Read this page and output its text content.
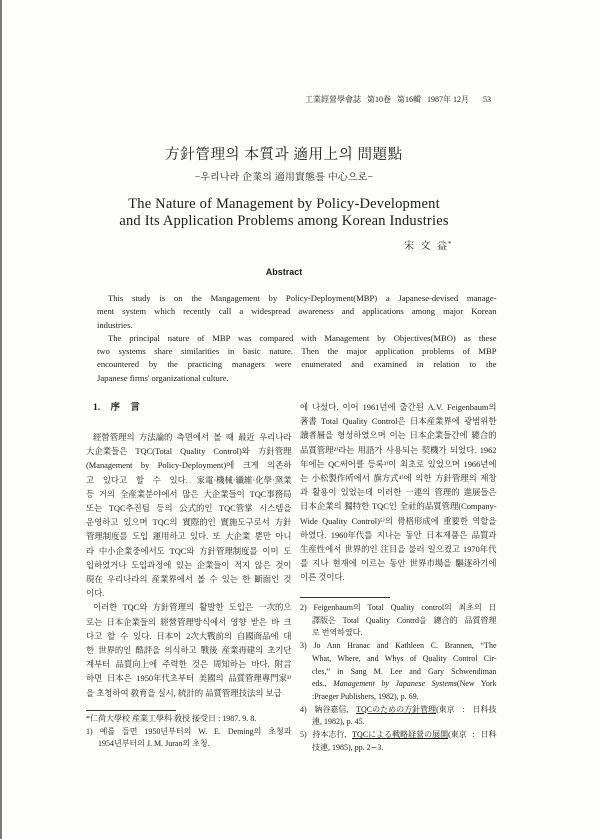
工業經營學會誌 第10卷 第16輯 1987年 12月 53
方針管理의 本質과 適用上의 問題點
−우리나라 企業의 適用實態를 中心으로−
The Nature of Management by Policy-Development
and Its Application Problems among Korean Industries
宋 文 益*
Abstract
This study is on the Mangagement by Policy-Deployment(MBP) a Japanese-devised manage-
ment system which recently call a widespread awareness and applications among major Korean
industries.
The principal nature of MBP was compared with Management by Objectives(MBO) as these
two systems share similarities in basic nature. Then the major application problems of MBP
encountered by the practicing managers were enumerated and examined in relation to the
Japanese firms' organizational culture.
1. 序 言
經營管理의 方法論的 측면에서 볼 때 最近 우리나라
大企業들은 TQC(Total Quality Control)와 方針管理
(Management by Policy-Deployment)에 크게 의존하
고 있다고 할 수 있다. 家電·機械·纖維·化學·窯業
등 거의 全産業분야에서 많은 大企業들이 TQC事務局
또는 TQC추진팀 등의 公式的인 TQC管掌 시스템을
운영하고 있으며 TQC의 實際的인 實施도구로서 方針
管理制度를 도입 運用하고 있다. 또 大企業 뿐만 아니
라 中小企業중에서도 TQC와 方針管理制度를 이미 도
입하였거나 도입과정에 있는 企業들이 적지 않은 것이
現在 우리나라의 産業界에서 볼 수 있는 한 斷面인 것
이다.
이러한 TQC와 方針管理의 활발한 도입은 一次的으
로는 日本企業들의 經營管理방식에서 영향 받은 바 크
다고 할 수 있다. 日本이 2次大戰前의 自國商品에 대
한 世界的인 酷評을 의식하고 戰後 産業再建의 초기단
계부터 品質向上에 주력한 것은 周知하는 바다. 附言
하면 日本은 1950年代초부터 美國의 品質管理專門家¹⁾
을 초청하여 敎育을 실시, 統計的 品質管理技法의 보급
*仁荷大學校 産業工學科 敎授 接受日 : 1987. 9. 8.
1) 예를 들면 1950년부터의 W. E. Deming의 초청과
1954년부터의 J. M. Juran의 초청.
에 나섰다. 이어 1961년에 출간된 A.V. Feigenbaum의
著書 Total Quality Control은 日本産業界에 광범위한
讀者層을 형성하였으며 이는 日本企業들간에 總合的
品質管理²⁾라는 用語가 사용되는 契機가 되었다. 1962
年에는 QC써어클 등록³⁾이 최초로 있었으며 1966년에
는 小松製作所에서 旗方式⁴⁾에 의한 方針管理의 제창
과 활용이 있었는데 이러한 一連의 管理的 進展들은
日本企業의 獨特한 TQC인 全社的品質管理(Company-
Wide Quality Control)⁵⁾의 骨格形成에 重要한 역할을
하였다. 1960年代를 지나는 동안 日本제품은 品質과
生産性에서 世界的인 注目을 불러 일으켰고 1970年代
를 지나 현재에 이르는 동안 世界市場을 驅逐하기에
이른 것이다.
2) Feigenbaum의 Total Quality control의 최초의 日
譯版은 Total Quality Contrd을 總合的 品質管理
로 번역하였다.
3) Jo Ann Hranac and Kathleen C. Brannen, “The
What, Where, and Whys of Quality Control Cir-
cles,” in Sang M. Lee and Gary Schwendiman
eds., Management by Japanese Systems(New York
:Praeger Publishers, 1982), p. 69.
4) 納谷嘉信, TQCのための方針管理(東京 : 日科技
連, 1982), p. 45.
5) 持本志行, TQCによる戦略経營の展開(東京 : 日科
技連, 1985), pp. 2∼3.
